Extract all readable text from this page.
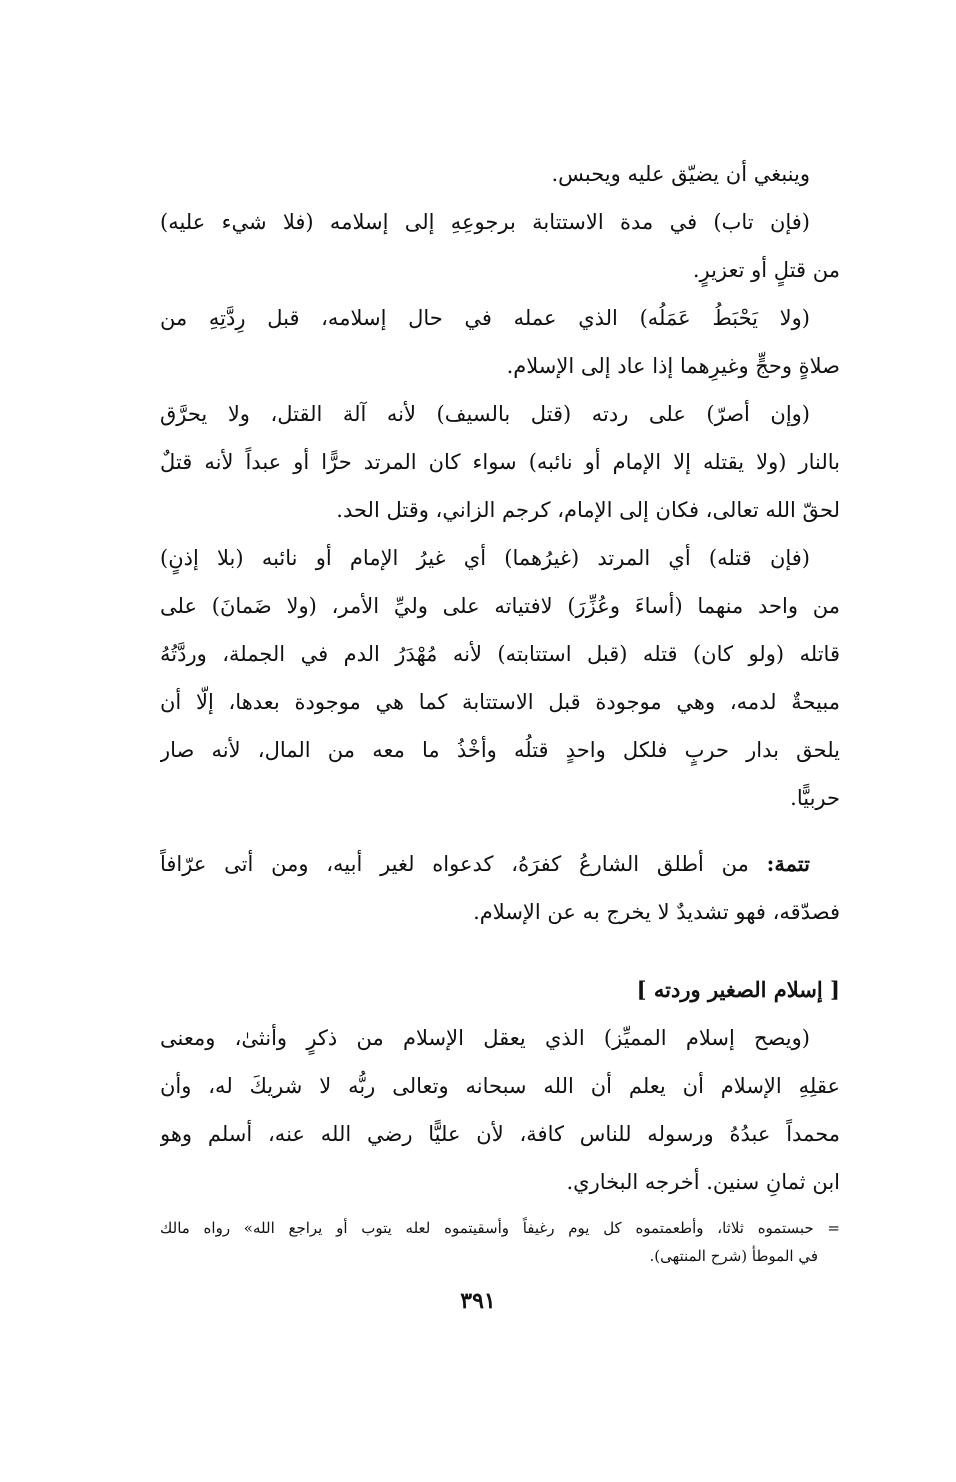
وينبغي أن يضيّق عليه ويحبس.
(فإن تاب) في مدة الاستتابة برجوعِهِ إلى إسلامه (فلا شيء عليه)
من قتلٍ أو تعزيرٍ.
(ولا يَحْبَطُ عَمَلُه) الذي عمله في حال إسلامه، قبل رِدَّتِهِ من
صلاةٍ وحجٍّ وغيرِهما إذا عاد إلى الإسلام.
(وإن أصرّ) على ردته (قتل بالسيف) لأنه آلة القتل، ولا يحرَّق
بالنار (ولا يقتله إلا الإمام أو نائبه) سواء كان المرتد حرًّا أو عبداً لأنه قتلٌ
لحقّ الله تعالى، فكان إلى الإمام، كرجم الزاني، وقتل الحد.
(فإن قتله) أي المرتد (غيرُهما) أي غيرُ الإمام أو نائبه (بلا إذنٍ)
من واحد منهما (أساءَ وعُزِّرَ) لافتياته على وليِّ الأمر، (ولا ضَمانَ) على
قاتله (ولو كان) قتله (قبل استتابته) لأنه مُهْدَرُ الدم في الجملة، وردَّتُهُ
مبيحةٌ لدمه، وهي موجودة قبل الاستتابة كما هي موجودة بعدها، إلّا أن
يلحق بدار حربٍ فلكل واحدٍ قتلُه وأخْذُ ما معه من المال، لأنه صار
حربيًّا.
تتمة: من أطلق الشارعُ كفرَهُ، كدعواه لغير أبيه، ومن أتى عرّافاً
فصدّقه، فهو تشديدٌ لا يخرج به عن الإسلام.
[ إسلام الصغير وردته ]
(ويصح إسلام المميِّز) الذي يعقل الإسلام من ذكرٍ وأنثىٰ، ومعنى
عقلِهِ الإسلام أن يعلم أن الله سبحانه وتعالى ربُّه لا شريكَ له، وأن
محمداً عبدُهُ ورسوله للناس كافة، لأن عليًّا رضي الله عنه، أسلم وهو
ابن ثمانِ سنين. أخرجه البخاري.
= حبستموه ثلاثا، وأطعمتموه كل يوم رغيفاً وأسقيتموه لعله يتوب أو يراجع الله» رواه مالك
في الموطأ (شرح المنتهى).
٣٩١
